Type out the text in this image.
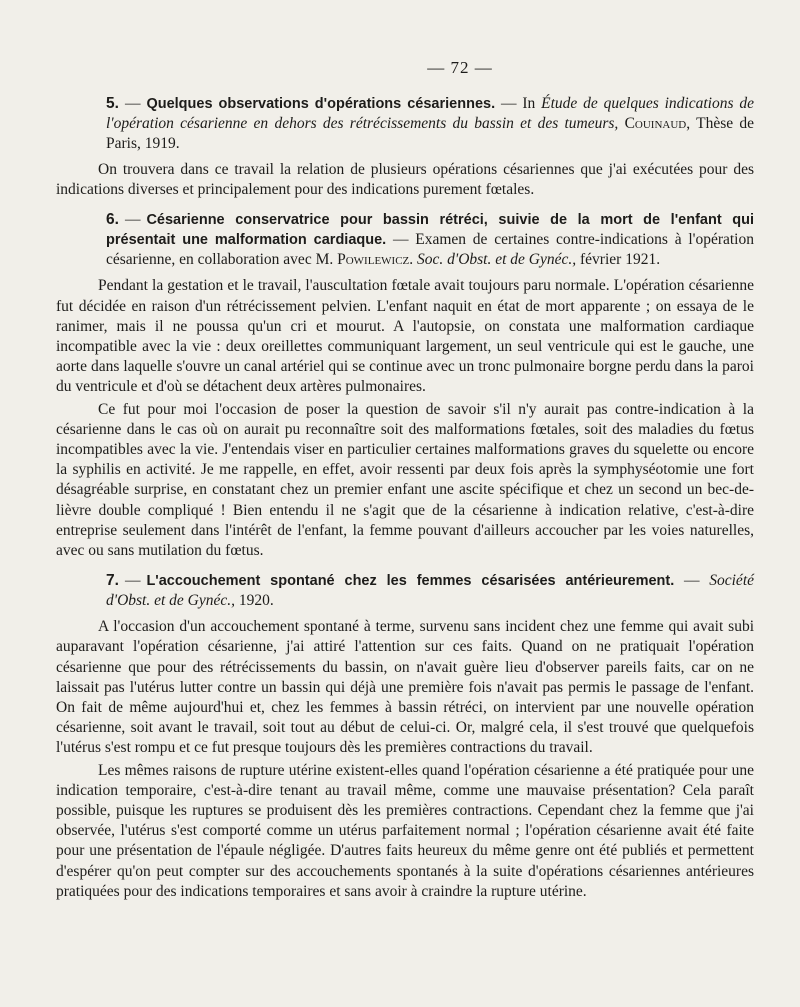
— 72 —
5. — Quelques observations d'opérations césariennes. — In Étude de quelques indications de l'opération césarienne en dehors des rétrécissements du bassin et des tumeurs, Couinaud, Thèse de Paris, 1919.

On trouvera dans ce travail la relation de plusieurs opérations césariennes que j'ai exécutées pour des indications diverses et principalement pour des indications purement fœtales.

6. — Césarienne conservatrice pour bassin rétréci, suivie de la mort de l'enfant qui présentait une malformation cardiaque. — Examen de certaines contre-indications à l'opération césarienne, en collaboration avec M. Powilewicz. Soc. d'Obst. et de Gynéc., février 1921.

Pendant la gestation et le travail, l'auscultation fœtale avait toujours paru normale. L'opération césarienne fut décidée en raison d'un rétrécissement pelvien. L'enfant naquit en état de mort apparente ; on essaya de le ranimer, mais il ne poussa qu'un cri et mourut. A l'autopsie, on constata une malformation cardiaque incompatible avec la vie : deux oreillettes communiquant largement, un seul ventricule qui est le gauche, une aorte dans laquelle s'ouvre un canal artériel qui se continue avec un tronc pulmonaire borgne perdu dans la paroi du ventricule et d'où se détachent deux artères pulmonaires.

Ce fut pour moi l'occasion de poser la question de savoir s'il n'y aurait pas contre-indication à la césarienne dans le cas où on aurait pu reconnaître soit des malformations fœtales, soit des maladies du fœtus incompatibles avec la vie. J'entendais viser en particulier certaines malformations graves du squelette ou encore la syphilis en activité. Je me rappelle, en effet, avoir ressenti par deux fois après la symphyséotomie une fort désagréable surprise, en constatant chez un premier enfant une ascite spécifique et chez un second un bec-de-lièvre double compliqué ! Bien entendu il ne s'agit que de la césarienne à indication relative, c'est-à-dire entreprise seulement dans l'intérêt de l'enfant, la femme pouvant d'ailleurs accoucher par les voies naturelles, avec ou sans mutilation du fœtus.

7. — L'accouchement spontané chez les femmes césarisées antérieurement. — Société d'Obst. et de Gynéc., 1920.

A l'occasion d'un accouchement spontané à terme, survenu sans incident chez une femme qui avait subi auparavant l'opération césarienne, j'ai attiré l'attention sur ces faits. Quand on ne pratiquait l'opération césarienne que pour des rétrécissements du bassin, on n'avait guère lieu d'observer pareils faits, car on ne laissait pas l'utérus lutter contre un bassin qui déjà une première fois n'avait pas permis le passage de l'enfant. On fait de même aujourd'hui et, chez les femmes à bassin rétréci, on intervient par une nouvelle opération césarienne, soit avant le travail, soit tout au début de celui-ci. Or, malgré cela, il s'est trouvé que quelquefois l'utérus s'est rompu et ce fut presque toujours dès les premières contractions du travail.

Les mêmes raisons de rupture utérine existent-elles quand l'opération césarienne a été pratiquée pour une indication temporaire, c'est-à-dire tenant au travail même, comme une mauvaise présentation? Cela paraît possible, puisque les ruptures se produisent dès les premières contractions. Cependant chez la femme que j'ai observée, l'utérus s'est comporté comme un utérus parfaitement normal ; l'opération césarienne avait été faite pour une présentation de l'épaule négligée. D'autres faits heureux du même genre ont été publiés et permettent d'espérer qu'on peut compter sur des accouchements spontanés à la suite d'opérations césariennes antérieures pratiquées pour des indications temporaires et sans avoir à craindre la rupture utérine.
